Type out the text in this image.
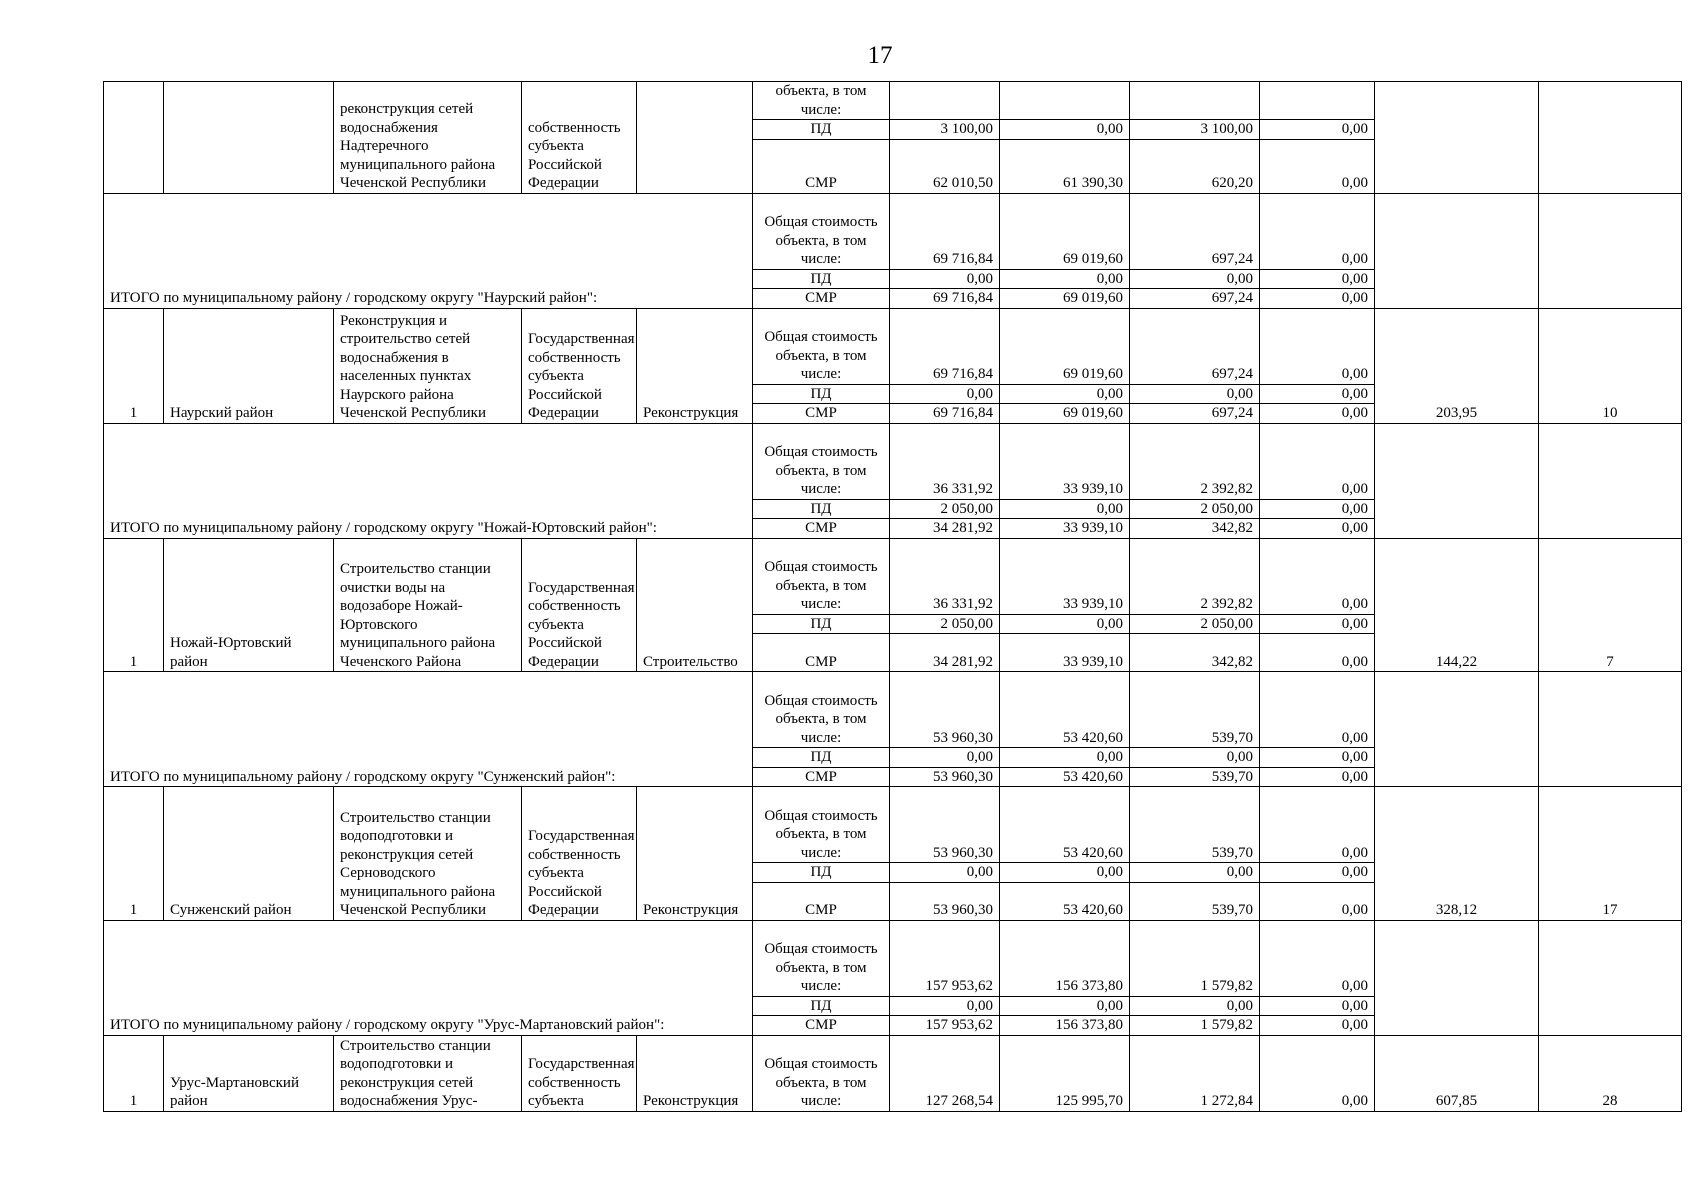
17
		реконструкция сетей водоснабжения Надтеречного муниципального района Чеченской Республики	собственность субъекта Российской Федерации		объекта, в том числе:						
					ПД	3 100,00	0,00	3 100,00	0,00		
					СМР	62 010,50	61 390,30	620,20	0,00		
ИТОГО по муниципальному району / городскому округу "Наурский район":					Общая стоимость объекта, в том числе:	69 716,84	69 019,60	697,24	0,00		
					ПД	0,00	0,00	0,00	0,00		
					СМР	69 716,84	69 019,60	697,24	0,00		
1	Наурский район	Реконструкция и строительство сетей водоснабжения в населенных пунктах Наурского района Чеченской Республики	Государственная собственность субъекта Российской Федерации	Реконструкция	Общая стоимость объекта, в том числе:	69 716,84	69 019,60	697,24	0,00	203,95	10
					ПД	0,00	0,00	0,00	0,00		
					СМР	69 716,84	69 019,60	697,24	0,00		
ИТОГО по муниципальному району / городскому округу "Ножай-Юртовский район":					Общая стоимость объекта, в том числе:	36 331,92	33 939,10	2 392,82	0,00		
					ПД	2 050,00	0,00	2 050,00	0,00		
					СМР	34 281,92	33 939,10	342,82	0,00		
1	Ножай-Юртовский район	Строительство станции очистки воды на водозаборе Ножай-Юртовского муниципального района Чеченского Района	Государственная собственность субъекта Российской Федерации	Строительство	Общая стоимость объекта, в том числе:	36 331,92	33 939,10	2 392,82	0,00	144,22	7
					ПД	2 050,00	0,00	2 050,00	0,00		
					СМР	34 281,92	33 939,10	342,82	0,00		
ИТОГО по муниципальному району / городскому округу "Сунженский район":					Общая стоимость объекта, в том числе:	53 960,30	53 420,60	539,70	0,00		
					ПД	0,00	0,00	0,00	0,00		
					СМР	53 960,30	53 420,60	539,70	0,00		
1	Сунженский район	Строительство станции водоподготовки и реконструкция сетей Серноводского муниципального района Чеченской Республики	Государственная собственность субъекта Российской Федерации	Реконструкция	Общая стоимость объекта, в том числе:	53 960,30	53 420,60	539,70	0,00	328,12	17
					ПД	0,00	0,00	0,00	0,00		
					СМР	53 960,30	53 420,60	539,70	0,00		
ИТОГО по муниципальному району / городскому округу "Урус-Мартановский район":					Общая стоимость объекта, в том числе:	157 953,62	156 373,80	1 579,82	0,00		
					ПД	0,00	0,00	0,00	0,00		
					СМР	157 953,62	156 373,80	1 579,82	0,00		
1	Урус-Мартановский район	Строительство станции водоподготовки и реконструкция сетей водоснабжения Урус-	Государственная собственность субъекта	Реконструкция	Общая стоимость объекта, в том числе:	127 268,54	125 995,70	1 272,84	0,00	607,85	28
